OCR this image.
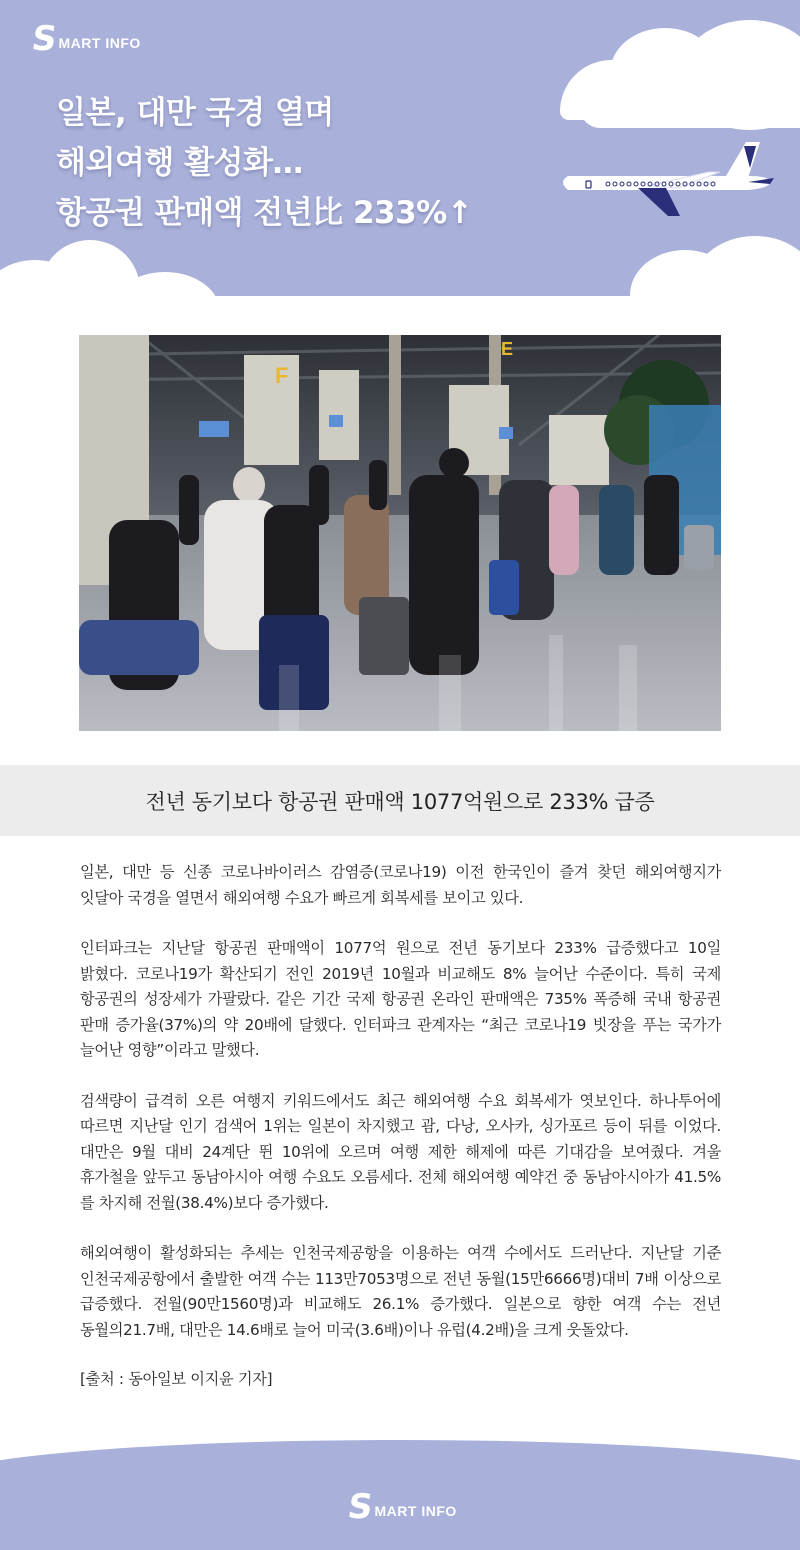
S MART INFO
일본, 대만 국경 열며
해외여행 활성화…
항공권 판매액 전년比 233%↑
F
E
전년 동기보다 항공권 판매액 1077억원으로 233% 급증

일본, 대만 등 신종 코로나바이러스 감염증(코로나19) 이전 한국인이 즐겨 찾던 해외여행지가 잇달아 국경을 열면서 해외여행 수요가 빠르게 회복세를 보이고 있다.

인터파크는 지난달 항공권 판매액이 1077억 원으로 전년 동기보다 233% 급증했다고 10일 밝혔다. 코로나19가 확산되기 전인 2019년 10월과 비교해도 8% 늘어난 수준이다. 특히 국제 항공권의 성장세가 가팔랐다. 같은 기간 국제 항공권 온라인 판매액은 735% 폭증해 국내 항공권 판매 증가율(37%)의 약 20배에 달했다. 인터파크 관계자는 “최근 코로나19 빗장을 푸는 국가가 늘어난 영향”이라고 말했다.

검색량이 급격히 오른 여행지 키워드에서도 최근 해외여행 수요 회복세가 엿보인다. 하나투어에 따르면 지난달 인기 검색어 1위는 일본이 차지했고 괌, 다낭, 오사카, 싱가포르 등이 뒤를 이었다. 대만은 9월 대비 24계단 뛴 10위에 오르며 여행 제한 해제에 따른 기대감을 보여줬다. 겨울 휴가철을 앞두고 동남아시아 여행 수요도 오름세다. 전체 해외여행 예약건 중 동남아시아가 41.5%를 차지해 전월(38.4%)보다 증가했다.

해외여행이 활성화되는 추세는 인천국제공항을 이용하는 여객 수에서도 드러난다. 지난달 기준 인천국제공항에서 출발한 여객 수는 113만7053명으로 전년 동월(15만6666명)대비 7배 이상으로 급증했다. 전월(90만1560명)과 비교해도 26.1% 증가했다. 일본으로 향한 여객 수는 전년 동월의21.7배, 대만은 14.6배로 늘어 미국(3.6배)이나 유럽(4.2배)을 크게 웃돌았다.

[출처 : 동아일보 이지윤 기자]

S MART INFO
